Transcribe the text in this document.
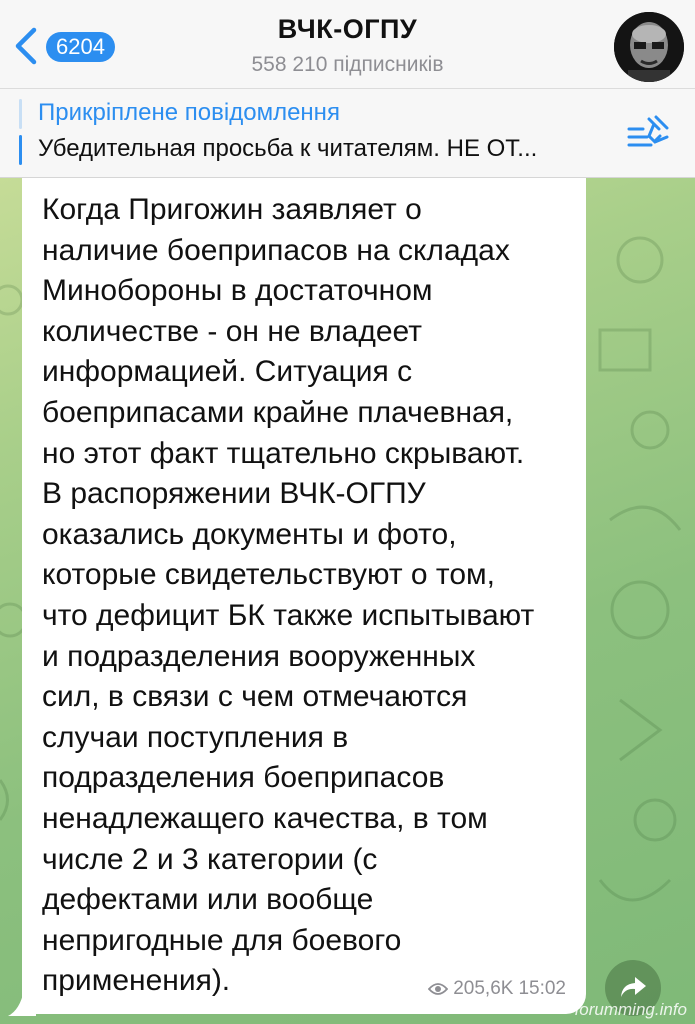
6204
ВЧК-ОГПУ
558 210 підписників
Прикріплене повідомлення
Убедительная просьба к читателям. НЕ ОТ...

Когда Пригожин заявляет о
наличие боеприпасов на складах
Минобороны в достаточном
количестве - он не владеет
информацией. Ситуация с
боеприпасами крайне плачевная,
но этот факт тщательно скрывают.
В распоряжении ВЧК-ОГПУ
оказались документы и фото,
которые свидетельствуют о том,
что дефицит БК также испытывают
и подразделения вооруженных
сил, в связи с чем отмечаются
случаи поступления в
подразделения боеприпасов
ненадлежащего качества, в том
числе 2 и 3 категории (с
дефектами или вообще
непригодные для боевого
применения).	205,6K 15:02
forumming.info
